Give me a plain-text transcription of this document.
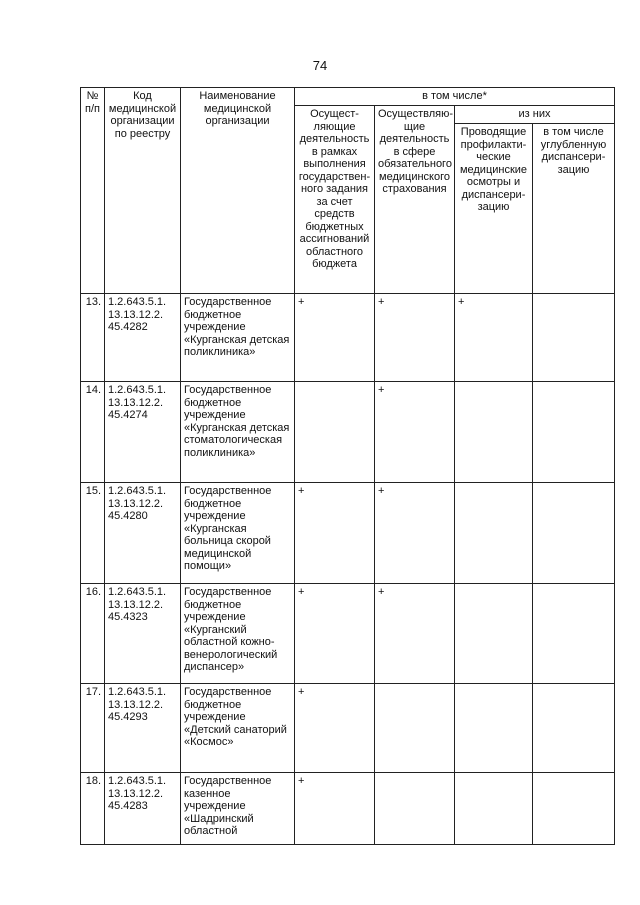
74
№ п/п	Код медицинской организации по реестру	Наименование медицинской организации	в том числе*			
			Осущест-ляющие деятельность в рамках выполнения государствен-ного задания за счет средств бюджетных ассигнований областного бюджета	Осуществляю-щие деятельность в сфере обязательного медицинского страхования	из них	
					Проводящие профилакти-ческие медицинские осмотры и диспансери-зацию	в том числе углубленную диспансери-зацию
13.	1.2.643.5.1. 13.13.12.2. 45.4282	Государственное бюджетное учреждение «Курганская детская поликлиника»	+	+	+	
14.	1.2.643.5.1. 13.13.12.2. 45.4274	Государственное бюджетное учреждение «Курганская детская стоматологическая поликлиника»		+		
15.	1.2.643.5.1. 13.13.12.2. 45.4280	Государственное бюджетное учреждение «Курганская больница скорой медицинской помощи»	+	+		
16.	1.2.643.5.1. 13.13.12.2. 45.4323	Государственное бюджетное учреждение «Курганский областной кожно-венерологический диспансер»	+	+		
17.	1.2.643.5.1. 13.13.12.2. 45.4293	Государственное бюджетное учреждение «Детский санаторий «Космос»	+			
18.	1.2.643.5.1. 13.13.12.2. 45.4283	Государственное казенное учреждение «Шадринский областной	+			
